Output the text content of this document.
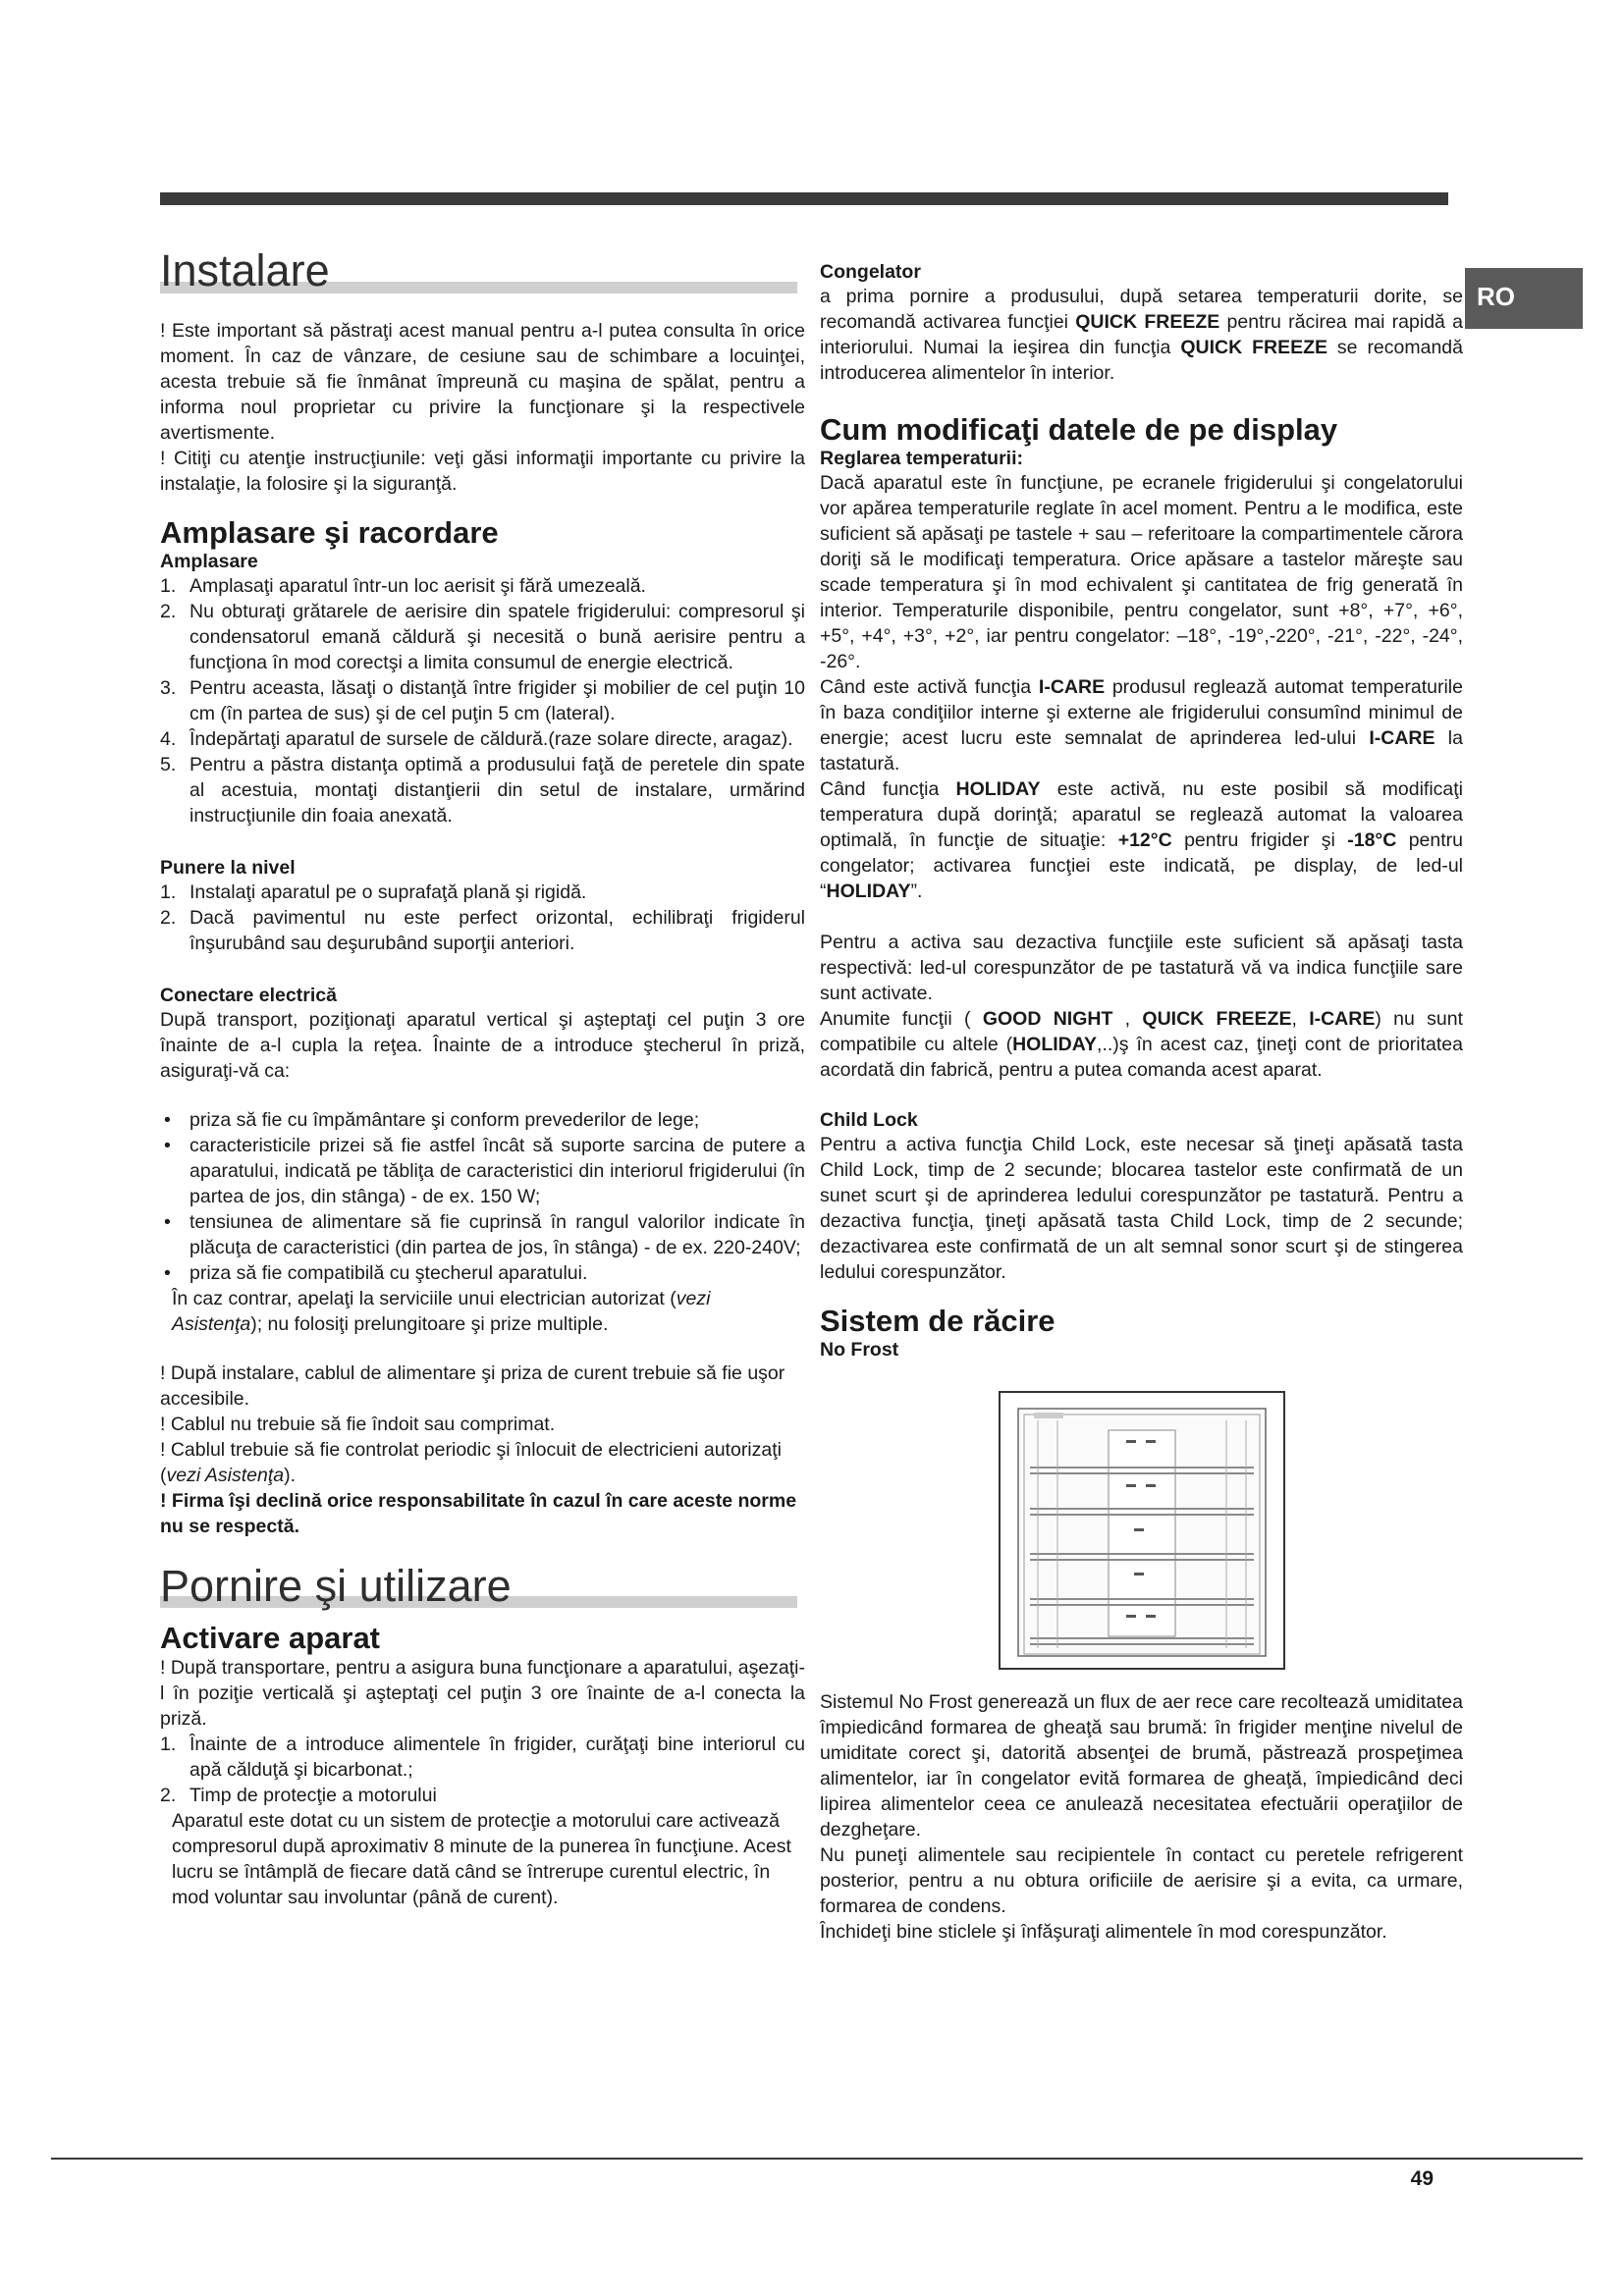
RO
Instalare

! Este important să păstraţi acest manual pentru a-l putea consulta în orice moment. În caz de vânzare, de cesiune sau de schimbare a locuinţei, acesta trebuie să fie înmânat împreună cu maşina de spălat, pentru a informa noul proprietar cu privire la funcţionare şi la respectivele avertismente.

! Citiţi cu atenţie instrucţiunile: veţi găsi informaţii importante cu privire la instalaţie, la folosire şi la siguranţă.

Amplasare şi racordare
Amplasare
1. Amplasaţi aparatul într-un loc aerisit şi fără umezeală.
2. Nu obturaţi grătarele de aerisire din spatele frigiderului: compresorul şi condensatorul emană căldură şi necesită o bună aerisire pentru a funcţiona în mod corectşi a limita consumul de energie electrică.
3. Pentru aceasta, lăsaţi o distanţă între frigider şi mobilier de cel puţin 10 cm (în partea de sus) şi de cel puţin 5 cm (lateral).
4. Îndepărtaţi aparatul de sursele de căldură.(raze solare directe, aragaz).
5. Pentru a păstra distanţa optimă a produsului faţă de peretele din spate al acestuia, montaţi distanţierii din setul de instalare, urmărind instrucţiunile din foaia anexată.
Punere la nivel
1. Instalaţi aparatul pe o suprafaţă plană şi rigidă.
2. Dacă pavimentul nu este perfect orizontal, echilibraţi frigiderul înşurubând sau deşurubând suporţii anteriori.
Conectare electrică

După transport, poziţionaţi aparatul vertical şi aşteptaţi cel puţin 3 ore înainte de a-l cupla la reţea. Înainte de a introduce ştecherul în priză, asiguraţi-vă ca:

• priza să fie cu împământare şi conform prevederilor de lege;
• caracteristicile prizei să fie astfel încât să suporte sarcina de putere a aparatului, indicată pe tăbliţa de caracteristici din interiorul frigiderului (în partea de jos, din stânga) - de ex. 150 W;
• tensiunea de alimentare să fie cuprinsă în rangul valorilor indicate în plăcuţa de caracteristici (din partea de jos, în stânga) - de ex. 220-240V;
• priza să fie compatibilă cu ştecherul aparatului.

În caz contrar, apelaţi la serviciile unui electrician autorizat (vezi Asistenţa); nu folosiţi prelungitoare şi prize multiple.

! După instalare, cablul de alimentare şi priza de curent trebuie să fie uşor accesibile.

! Cablul nu trebuie să fie îndoit sau comprimat.

! Cablul trebuie să fie controlat periodic şi înlocuit de electricieni autorizaţi (vezi Asistenţa).

! Firma îşi declină orice responsabilitate în cazul în care aceste norme nu se respectă.

Pornire şi utilizare
Activare aparat

! După transportare, pentru a asigura buna funcţionare a aparatului, aşezaţi-l în poziţie verticală şi aşteptaţi cel puţin 3 ore înainte de a-l conecta la priză.

1. Înainte de a introduce alimentele în frigider, curăţaţi bine interiorul cu apă călduţă şi bicarbonat.;
2. Timp de protecţie a motorului

Aparatul este dotat cu un sistem de protecţie a motorului care activează compresorul după aproximativ 8 minute de la punerea în funcţiune. Acest lucru se întâmplă de fiecare dată când se întrerupe curentul electric, în mod voluntar sau involuntar (până de curent).

Congelator

a prima pornire a produsului, după setarea temperaturii dorite, se recomandă activarea funcţiei QUICK FREEZE pentru răcirea mai rapidă a interiorului. Numai la ieşirea din funcţia QUICK FREEZE se recomandă introducerea alimentelor în interior.

Cum modificaţi datele de pe display
Reglarea temperaturii:

Dacă aparatul este în funcţiune, pe ecranele frigiderului şi congelatorului vor apărea temperaturile reglate în acel moment. Pentru a le modifica, este suficient să apăsaţi pe tastele + sau – referitoare la compartimentele cărora doriţi să le modificaţi temperatura. Orice apăsare a tastelor măreşte sau scade temperatura şi în mod echivalent şi cantitatea de frig generată în interior. Temperaturile disponibile, pentru congelator, sunt +8°, +7°, +6°, +5°, +4°, +3°, +2°, iar pentru congelator: –18°, -19°,-220°, -21°, -22°, -24°, -26°.

Când este activă funcţia I-CARE produsul reglează automat temperaturile în baza condiţiilor interne şi externe ale frigiderului consumînd minimul de energie; acest lucru este semnalat de aprinderea led-ului I-CARE la tastatură.

Când funcţia HOLIDAY este activă, nu este posibil să modificaţi temperatura după dorinţă; aparatul se reglează automat la valoarea optimală, în funcţie de situaţie: +12°C pentru frigider şi -18°C pentru congelator; activarea funcţiei este indicată, pe display, de led-ul “HOLIDAY”.

Pentru a activa sau dezactiva funcţiile este suficient să apăsaţi tasta respectivă: led-ul corespunzător de pe tastatură vă va indica funcţiile sare sunt activate.

Anumite funcţii ( GOOD NIGHT , QUICK FREEZE, I-CARE) nu sunt compatibile cu altele (HOLIDAY,..)ş în acest caz, ţineţi cont de prioritatea acordată din fabrică, pentru a putea comanda acest aparat.

Child Lock

Pentru a activa funcţia Child Lock, este necesar să ţineţi apăsată tasta Child Lock, timp de 2 secunde; blocarea tastelor este confirmată de un sunet scurt şi de aprinderea ledului corespunzător pe tastatură. Pentru a dezactiva funcţia, ţineţi apăsată tasta Child Lock, timp de 2 secunde; dezactivarea este confirmată de un alt semnal sonor scurt şi de stingerea ledului corespunzător.

Sistem de răcire
No Frost

Sistemul No Frost generează un flux de aer rece care recoltează umiditatea împiedicând formarea de gheaţă sau brumă: în frigider menţine nivelul de umiditate corect şi, datorită absenţei de brumă, păstrează prospeţimea alimentelor, iar în congelator evită formarea de gheaţă, împiedicând deci lipirea alimentelor ceea ce anulează necesitatea efectuării operaţiilor de dezgheţare.

Nu puneţi alimentele sau recipientele în contact cu peretele refrigerent posterior, pentru a nu obtura orificiile de aerisire şi a evita, ca urmare, formarea de condens.

Închideţi bine sticlele şi înfăşuraţi alimentele în mod corespunzător.

49
